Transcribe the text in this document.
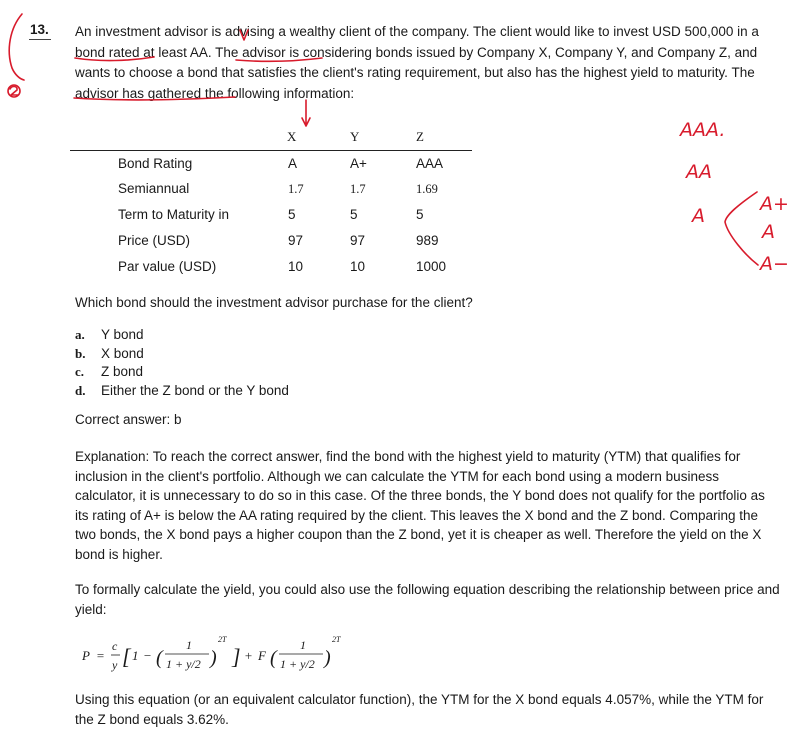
13. An investment advisor is advising a wealthy client of the company. The client would like to invest USD 500,000 in a bond rated at least AA. The advisor is considering bonds issued by Company X, Company Y, and Company Z, and wants to choose a bond that satisfies the client's rating requirement, but also has the highest yield to maturity. The advisor has gathered the following information:
X	Y	Z
Bond Rating	A	A+	AAA
Semiannual	1.7	1.7	1.69
Term to Maturity in	5	5	5
Price (USD)	97	97	989
Par value (USD)	10	10	1000
Which bond should the investment advisor purchase for the client?
a. Y bond
b. X bond
c. Z bond
d. Either the Z bond or the Y bond
Correct answer: b
Explanation: To reach the correct answer, find the bond with the highest yield to maturity (YTM) that qualifies for inclusion in the client's portfolio. Although we can calculate the YTM for each bond using a modern business calculator, it is unnecessary to do so in this case. Of the three bonds, the Y bond does not qualify for the portfolio as its rating of A+ is below the AA rating required by the client. This leaves the X bond and the Z bond. Comparing the two bonds, the X bond pays a higher coupon than the Z bond, yet it is cheaper as well. Therefore the yield on the X bond is higher.
To formally calculate the yield, you could also use the following equation describing the relationship between price and yield:
P =
c
y [ 1 − (
1
1 + y/2 )
2T
] + F (
1
1 + y/2 )
2T
Using this equation (or an equivalent calculator function), the YTM for the X bond equals 4.057%, while the YTM for the Z bond equals 3.62%.
AAA.
AA
A
A+
A
A−
